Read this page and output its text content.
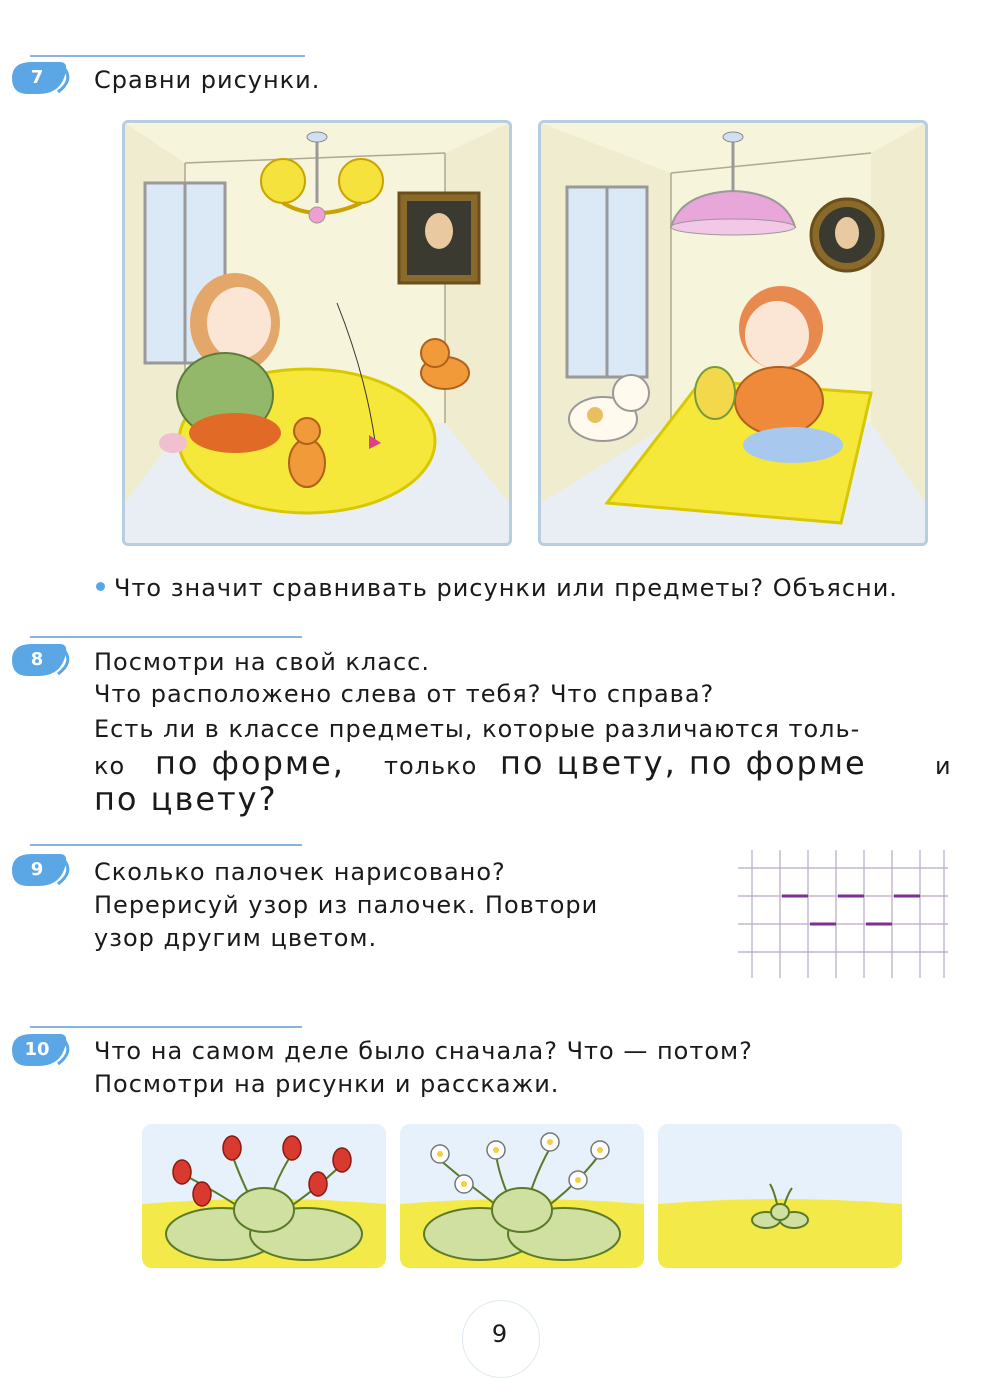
7	Сравни рисунки.
Что значит сравнивать рисунки или предметы? Объясни.
8	Посмотри на свой класс.
Что расположено слева от тебя? Что справа?
Есть ли в классе предметы, которые различаются толь-
ко по форме, только по цвету, по форме	и
по цвету?
9	Сколько палочек нарисовано?
Перерисуй узор из палочек. Повтори
узор другим цветом.
10	Что на самом деле было сначала? Что — потом?
Посмотри на рисунки и расскажи.
9
